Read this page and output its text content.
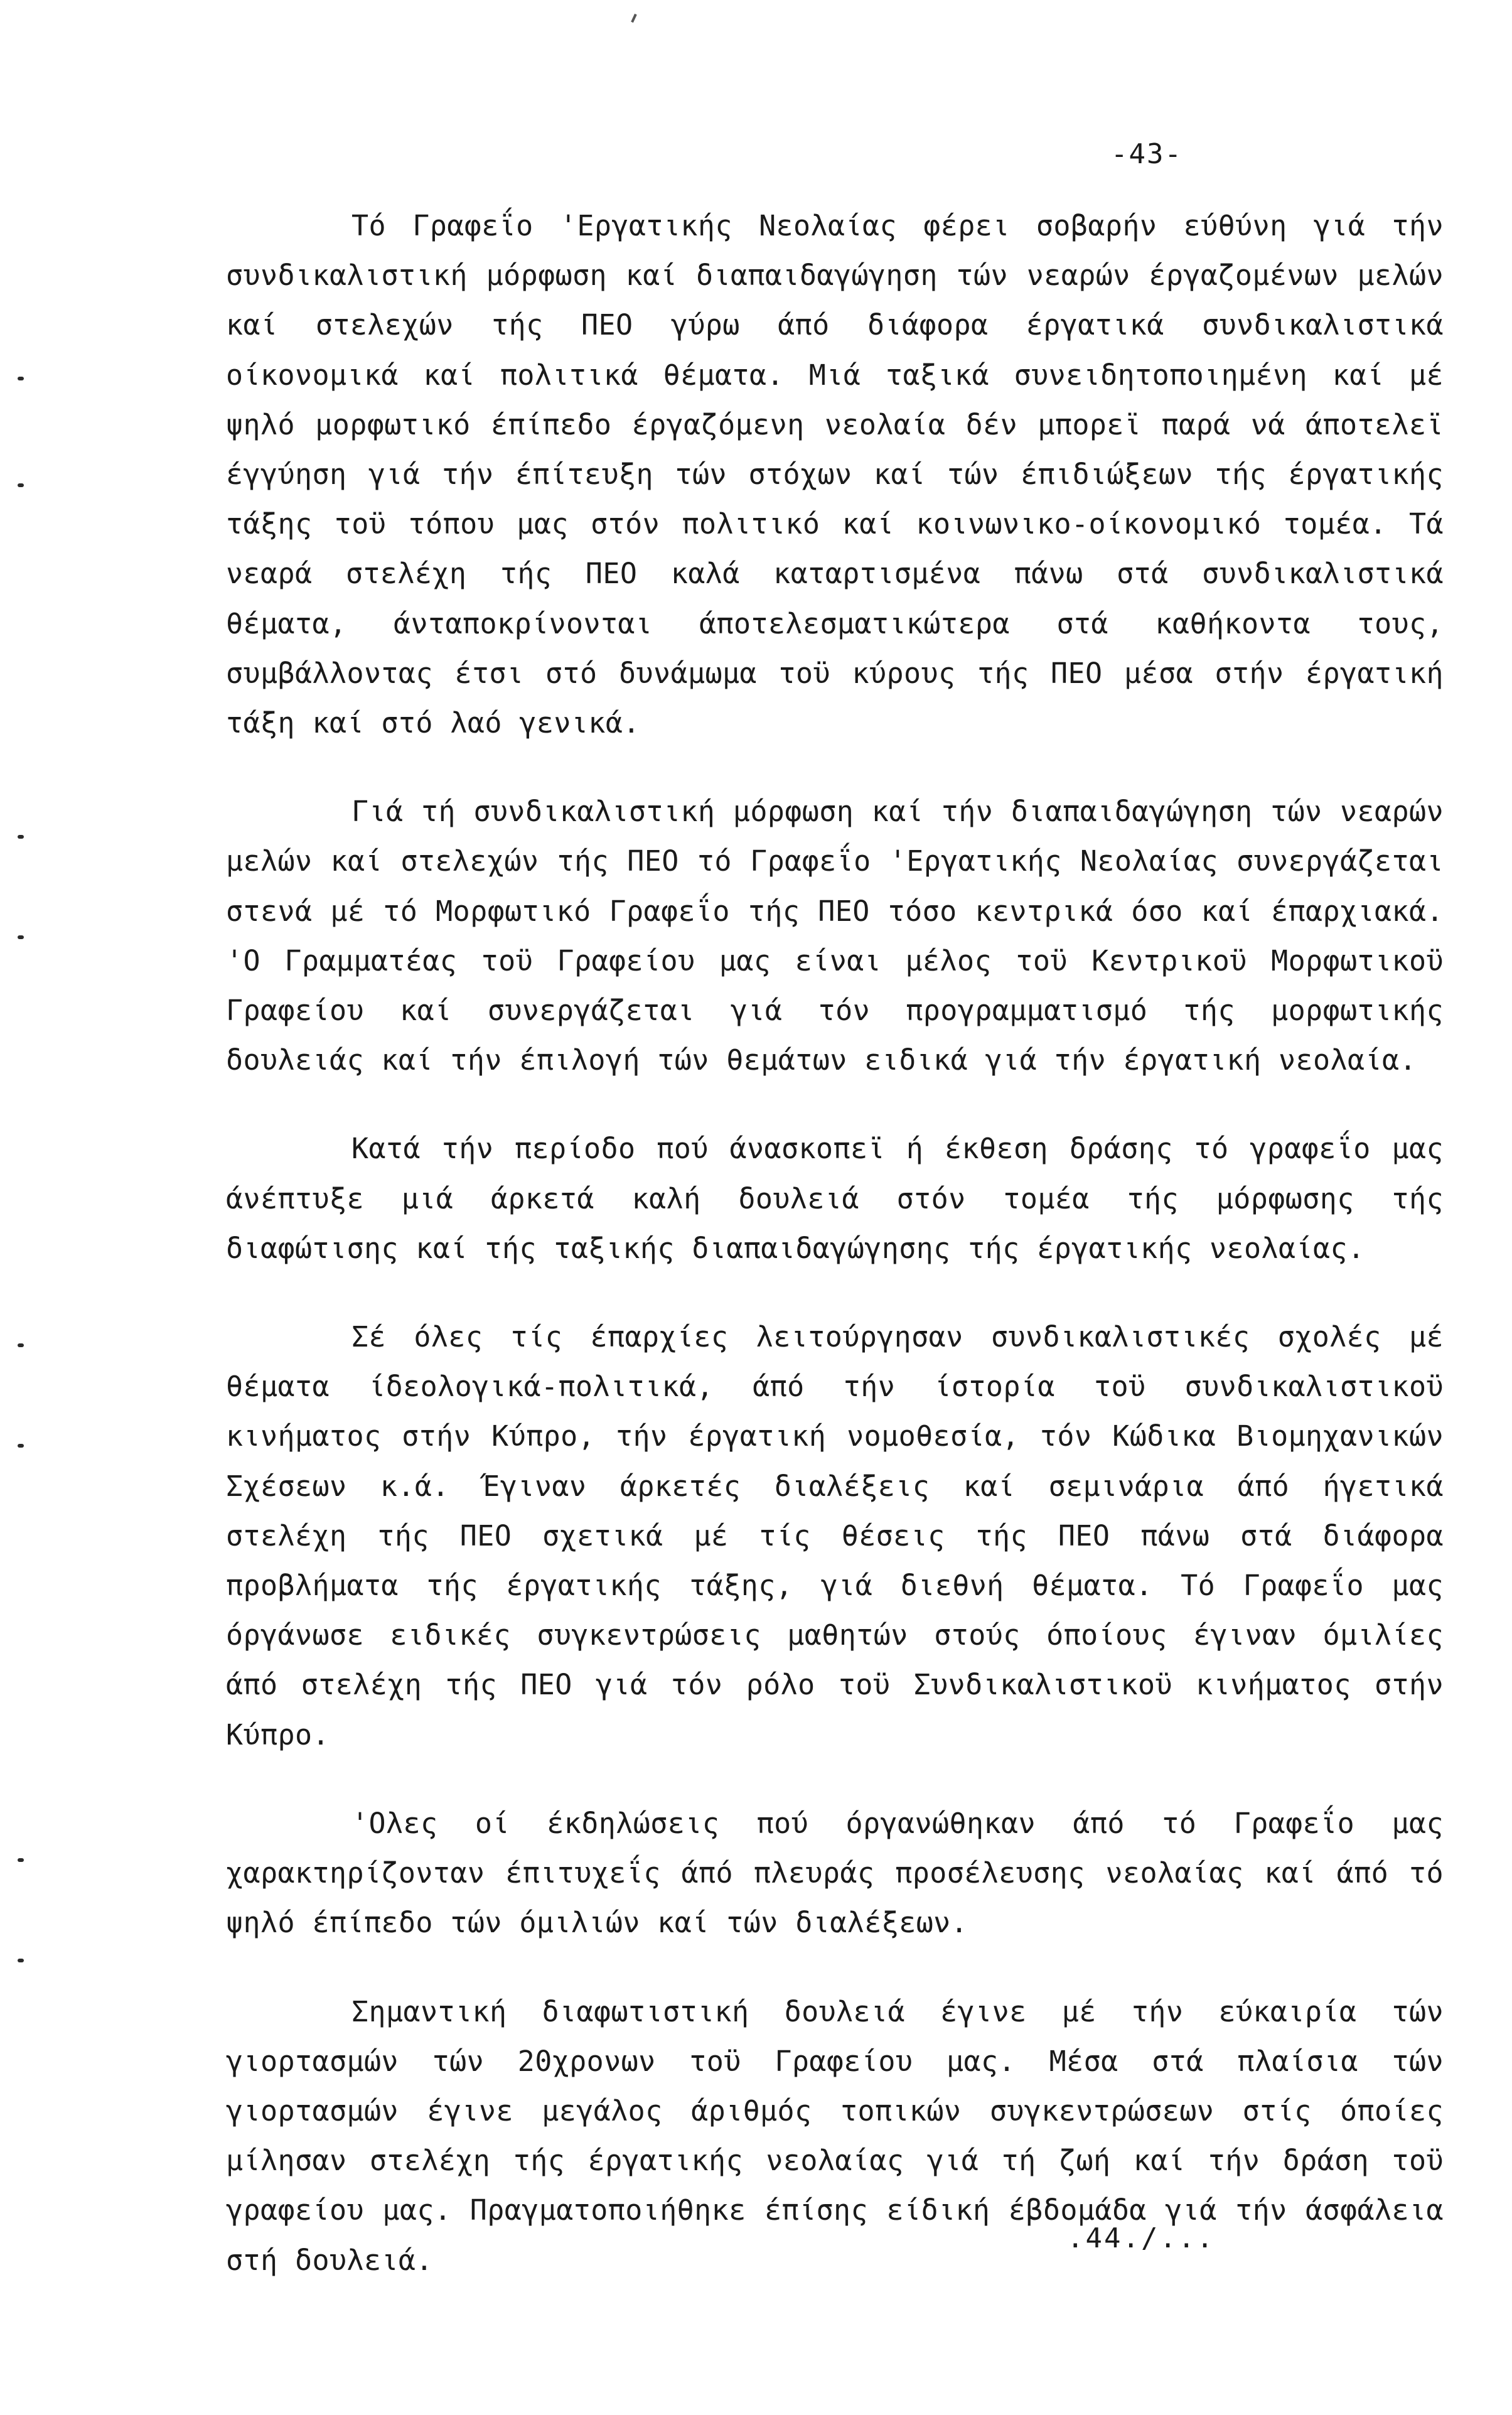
-43-

Τό Γραφεΐο 'Εργατικής Νεολαίας φέρει σοβαρήν εύθύνη γιά τήν συνδικαλιστική μόρφωση καί διαπαιδαγώγηση τών νεαρών έργαζομένων μελών καί στελεχών τής ΠΕΟ γύρω άπό διάφορα έργατικά συνδικαλιστικά οίκονομικά καί πολιτικά θέματα. Μιά ταξικά συνειδητοποιημένη καί μέ ψηλό μορφωτικό έπίπεδο έργαζόμενη νεολαία δέν μπορεϊ παρά νά άποτελεϊ έγγύηση γιά τήν έπίτευξη τών στόχων καί τών έπιδιώξεων τής έργατικής τάξης τοϋ τόπου μας στόν πολιτικό καί κοινωνικο-οίκονομικό τομέα. Τά νεαρά στελέχη τής ΠΕΟ καλά καταρτισμένα πάνω στά συνδικαλιστικά θέματα, άνταποκρίνονται άποτελεσματικώτερα στά καθήκοντα τους, συμβάλλοντας έτσι στό δυνάμωμα τοϋ κύρους τής ΠΕΟ μέσα στήν έργατική τάξη καί στό λαό γενικά.

Γιά τή συνδικαλιστική μόρφωση καί τήν διαπαιδαγώγηση τών νεαρών μελών καί στελεχών τής ΠΕΟ τό Γραφεΐο 'Εργατικής Νεολαίας συνεργάζεται στενά μέ τό Μορφωτικό Γραφεΐο τής ΠΕΟ τόσο κεντρικά όσο καί έπαρχιακά. 'Ο Γραμματέας τοϋ Γραφείου μας είναι μέλος τοϋ Κεντρικοϋ Μορφωτικοϋ Γραφείου καί συνεργάζεται γιά τόν προγραμματισμό τής μορφωτικής δουλειάς καί τήν έπιλογή τών θεμάτων ειδικά γιά τήν έργατική νεολαία.

Κατά τήν περίοδο πού άνασκοπεϊ ή έκθεση δράσης τό γραφεΐο μας άνέπτυξε μιά άρκετά καλή δουλειά στόν τομέα τής μόρφωσης τής διαφώτισης καί τής ταξικής διαπαιδαγώγησης τής έργατικής νεολαίας.

Σέ όλες τίς έπαρχίες λειτούργησαν συνδικαλιστικές σχολές μέ θέματα ίδεολογικά-πολιτικά, άπό τήν ίστορία τοϋ συνδικαλιστικοϋ κινήματος στήν Κύπρο, τήν έργατική νομοθεσία, τόν Κώδικα Βιομηχανικών Σχέσεων κ.ά. Έγιναν άρκετές διαλέξεις καί σεμινάρια άπό ήγετικά στελέχη τής ΠΕΟ σχετικά μέ τίς θέσεις τής ΠΕΟ πάνω στά διάφορα προβλήματα τής έργατικής τάξης, γιά διεθνή θέματα. Τό Γραφεΐο μας όργάνωσε ειδικές συγκεντρώσεις μαθητών στούς όποίους έγιναν όμιλίες άπό στελέχη τής ΠΕΟ γιά τόν ρόλο τοϋ Συνδικαλιστικοϋ κινήματος στήν Κύπρο.

'Ολες οί έκδηλώσεις πού όργανώθηκαν άπό τό Γραφεΐο μας χαρακτηρίζονταν έπιτυχεΐς άπό πλευράς προσέλευσης νεολαίας καί άπό τό ψηλό έπίπεδο τών όμιλιών καί τών διαλέξεων.

Σημαντική διαφωτιστική δουλειά έγινε μέ τήν εύκαιρία τών γιορτασμών τών 20χρονων τοϋ Γραφείου μας. Μέσα στά πλαίσια τών γιορτασμών έγινε μεγάλος άριθμός τοπικών συγκεντρώσεων στίς όποίες μίλησαν στελέχη τής έργατικής νεολαίας γιά τή ζωή καί τήν δράση τοϋ γραφείου μας. Πραγματοποιήθηκε έπίσης είδική έβδομάδα γιά τήν άσφάλεια στή δουλειά.

.44./...
